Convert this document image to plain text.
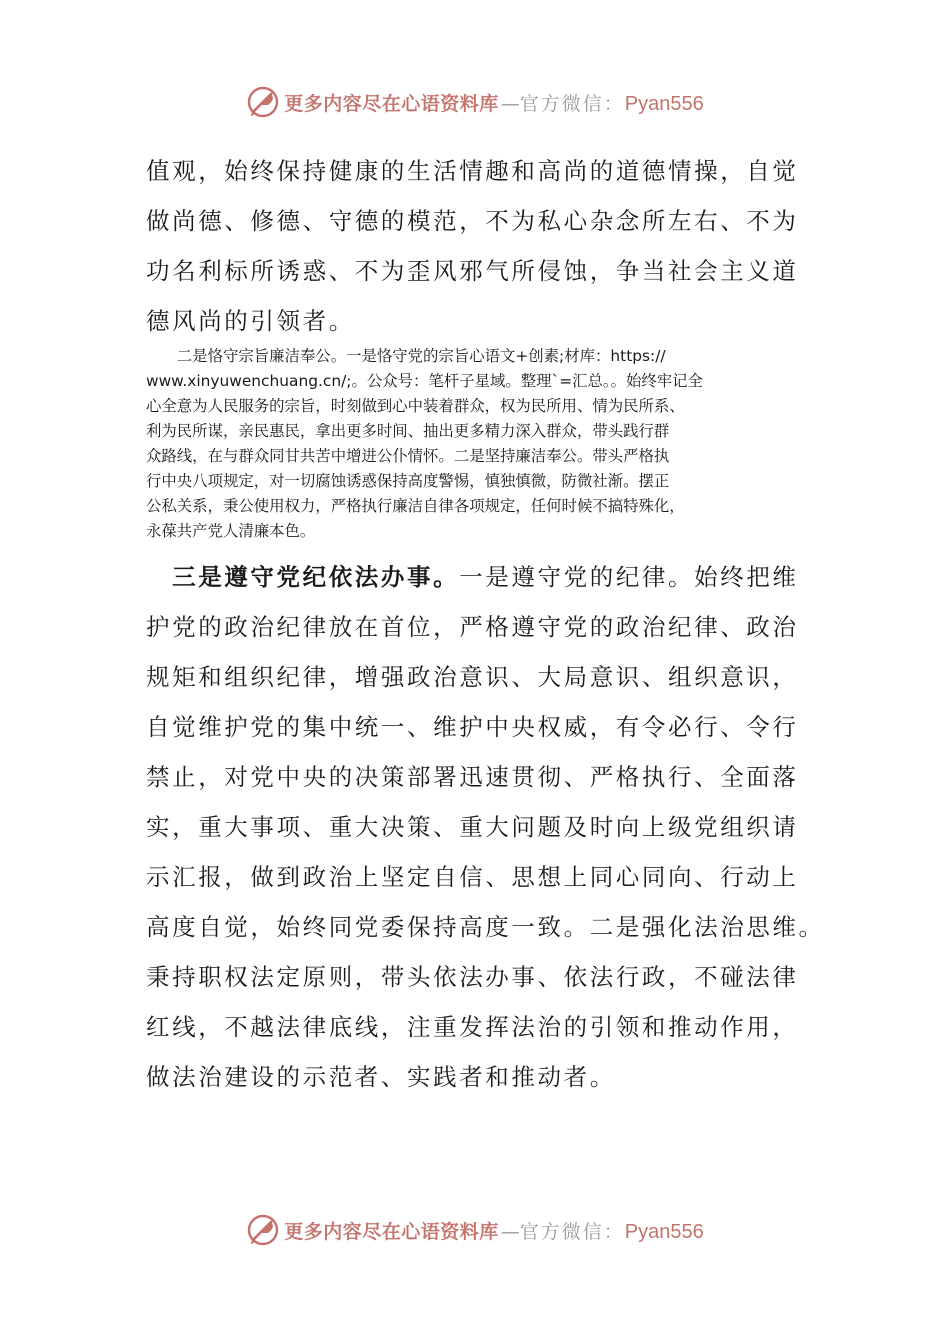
更多内容尽在心语资料库 — 官方微信： Pyan556
值观，始终保持健康的生活情趣和高尚的道德情操，自觉
做尚德、修德、守德的模范，不为私心杂念所左右、不为
功名利标所诱惑、不为歪风邪气所侵蚀，争当社会主义道
德风尚的引领者。
　　二是恪守宗旨廉洁奉公。一是恪守党的宗旨心语文+创素;材库：https://
www.xinyuwenchuang.cn/;。公众号：笔杆子星域。整理`=汇总。。始终牢记全
心全意为人民服务的宗旨，时刻做到心中装着群众，权为民所用、情为民所系、
利为民所谋，亲民惠民，拿出更多时间、抽出更多精力深入群众，带头践行群
众路线，在与群众同甘共苦中增进公仆情怀。二是坚持廉洁奉公。带头严格执
行中央八项规定，对一切腐蚀诱惑保持高度警惕，慎独慎微，防微社渐。摆正
公私关系，秉公使用权力，严格执行廉洁自律各项规定，任何时候不搞特殊化，
永葆共产党人清廉本色。
　三是遵守党纪依法办事。一是遵守党的纪律。始终把维
护党的政治纪律放在首位，严格遵守党的政治纪律、政治
规矩和组织纪律，增强政治意识、大局意识、组织意识，
自觉维护党的集中统一、维护中央权威，有令必行、令行
禁止，对党中央的决策部署迅速贯彻、严格执行、全面落
实，重大事项、重大决策、重大问题及时向上级党组织请
示汇报，做到政治上坚定自信、思想上同心同向、行动上
高度自觉，始终同党委保持高度一致。二是强化法治思维。
秉持职权法定原则，带头依法办事、依法行政，不碰法律
红线，不越法律底线，注重发挥法治的引领和推动作用，
做法治建设的示范者、实践者和推动者。
更多内容尽在心语资料库 — 官方微信： Pyan556
